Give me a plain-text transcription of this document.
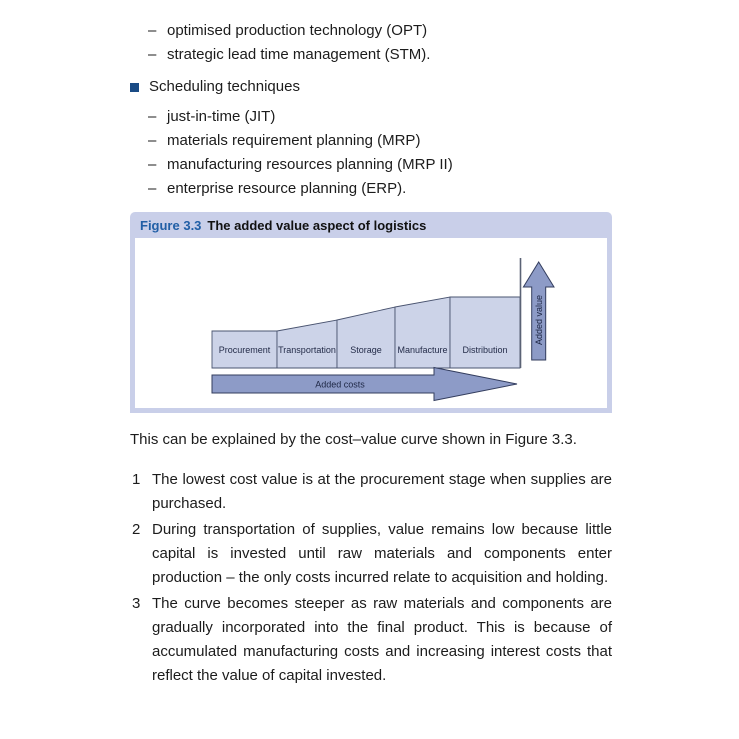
– optimised production technology (OPT)
– strategic lead time management (STM).
Scheduling techniques
– just-in-time (JIT)
– materials requirement planning (MRP)
– manufacturing resources planning (MRP II)
– enterprise resource planning (ERP).
Figure 3.3 The added value aspect of logistics
Procurement Transportation Storage Manufacture Distribution
Added costs
Added value

This can be explained by the cost–value curve shown in Figure 3.3.

1 The lowest cost value is at the procurement stage when supplies are purchased.
2 During transportation of supplies, value remains low because little capital is invested until raw materials and components enter production – the only costs incurred relate to acquisition and holding.
3 The curve becomes steeper as raw materials and components are gradually incorporated into the final product. This is because of accumulated manufacturing costs and increasing interest costs that reflect the value of capital invested.
